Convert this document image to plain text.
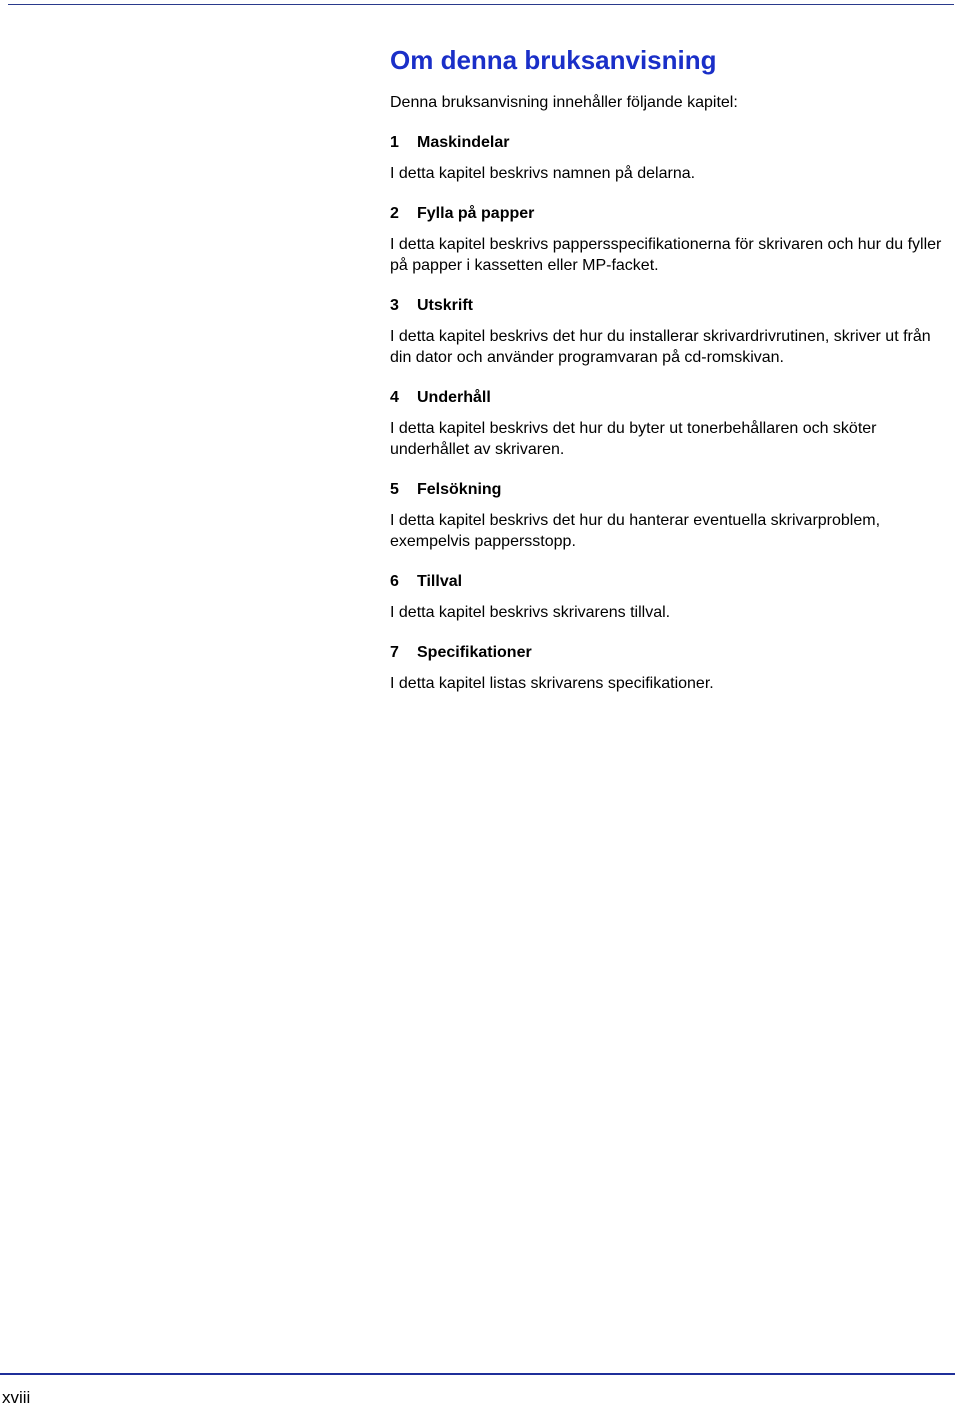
Om denna bruksanvisning

Denna bruksanvisning innehåller följande kapitel:

1 Maskindelar

I detta kapitel beskrivs namnen på delarna.

2 Fylla på papper

I detta kapitel beskrivs pappersspecifikationerna för skrivaren och hur du fyller på papper i kassetten eller MP-facket.

3 Utskrift

I detta kapitel beskrivs det hur du installerar skrivardrivrutinen, skriver ut från din dator och använder programvaran på cd-romskivan.

4 Underhåll

I detta kapitel beskrivs det hur du byter ut tonerbehållaren och sköter underhållet av skrivaren.

5 Felsökning

I detta kapitel beskrivs det hur du hanterar eventuella skrivarproblem, exempelvis pappersstopp.

6 Tillval

I detta kapitel beskrivs skrivarens tillval.

7 Specifikationer

I detta kapitel listas skrivarens specifikationer.

xviii
